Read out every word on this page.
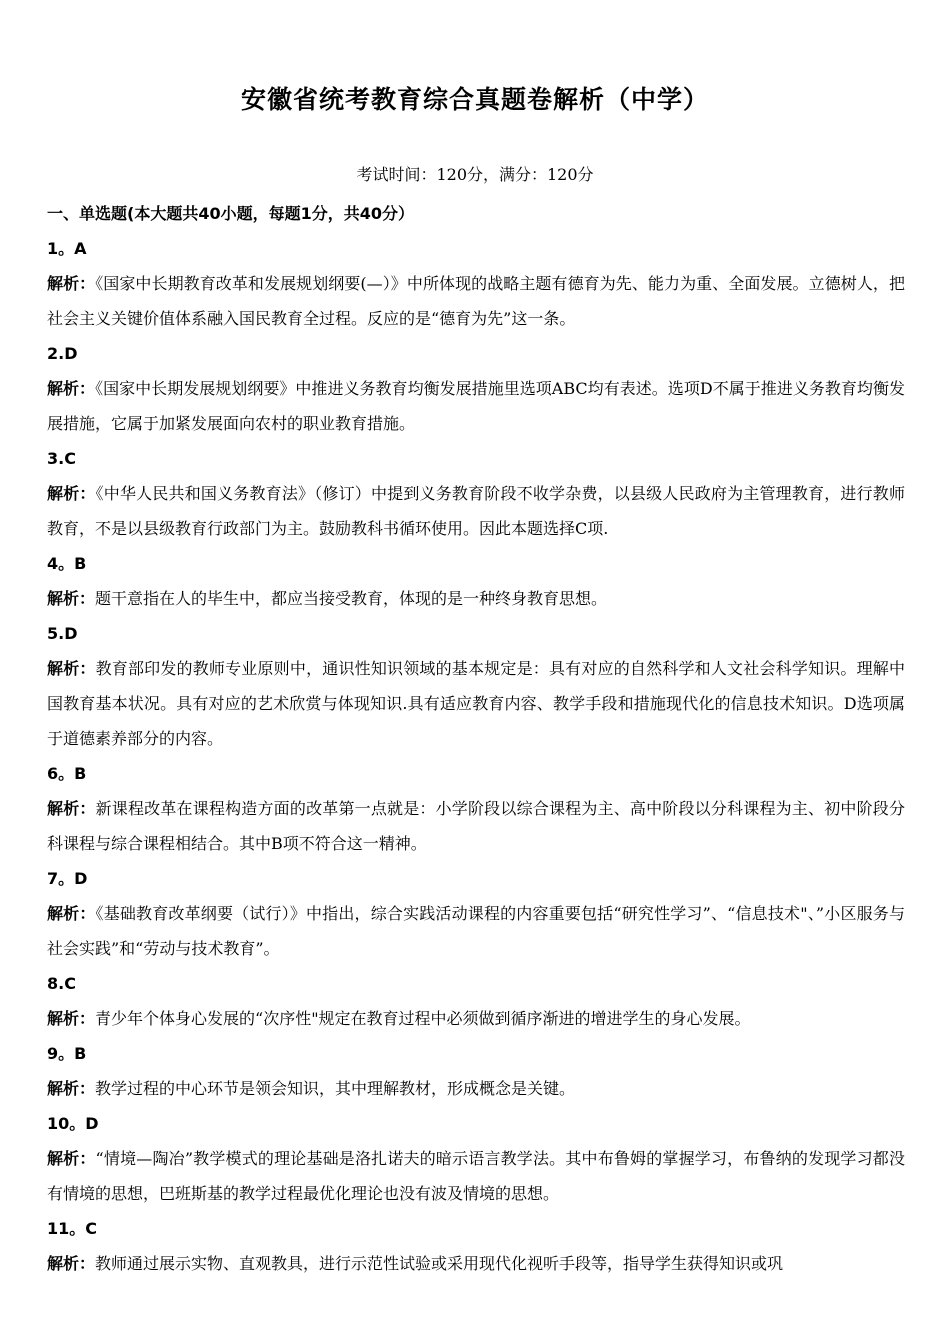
安徽省统考教育综合真题卷解析（中学）
考试时间：120分，满分：120分
一、单选题(本大题共40小题，每题1分，共40分）
1。A
解析：《国家中长期教育改革和发展规划纲要(—）》中所体现的战略主题有德育为先、能力为重、全面发展。立德树人，把社会主义关键价值体系融入国民教育全过程。反应的是“德育为先”这一条。
2.D
解析：《国家中长期发展规划纲要》中推进义务教育均衡发展措施里选项ABC均有表述。选项D不属于推进义务教育均衡发展措施，它属于加紧发展面向农村的职业教育措施。
3.C
解析：《中华人民共和国义务教育法》（修订）中提到义务教育阶段不收学杂费，以县级人民政府为主管理教育，进行教师教育，不是以县级教育行政部门为主。鼓励教科书循环使用。因此本题选择C项.
4。B
解析：题干意指在人的毕生中，都应当接受教育，体现的是一种终身教育思想。
5.D
解析：教育部印发的教师专业原则中，通识性知识领域的基本规定是：具有对应的自然科学和人文社会科学知识。理解中国教育基本状况。具有对应的艺术欣赏与体现知识.具有适应教育内容、教学手段和措施现代化的信息技术知识。D选项属于道德素养部分的内容。
6。B
解析：新课程改革在课程构造方面的改革第一点就是：小学阶段以综合课程为主、高中阶段以分科课程为主、初中阶段分科课程与综合课程相结合。其中B项不符合这一精神。
7。D
解析：《基础教育改革纲要（试行）》中指出，综合实践活动课程的内容重要包括“研究性学习”、“信息技术"、”小区服务与社会实践”和“劳动与技术教育”。
8.C
解析：青少年个体身心发展的“次序性"规定在教育过程中必须做到循序渐进的增进学生的身心发展。
9。B
解析：教学过程的中心环节是领会知识，其中理解教材，形成概念是关键。
10。D
解析：“情境—陶冶”教学模式的理论基础是洛扎诺夫的暗示语言教学法。其中布鲁姆的掌握学习，布鲁纳的发现学习都没有情境的思想，巴班斯基的教学过程最优化理论也没有波及情境的思想。
11。C
解析：教师通过展示实物、直观教具，进行示范性试验或采用现代化视听手段等，指导学生获得知识或巩
